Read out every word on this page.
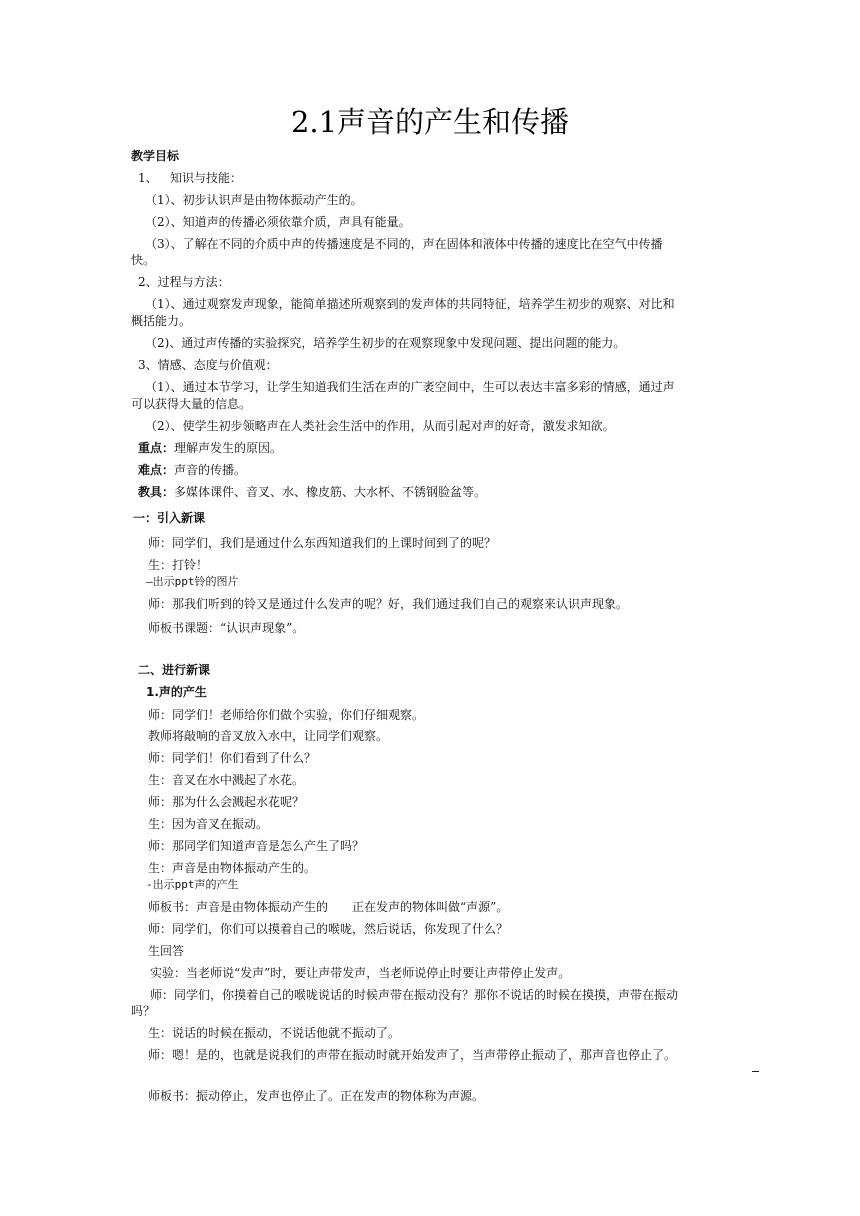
2.1声音的产生和传播
教学目标
1、 知识与技能：
（1）、初步认识声是由物体振动产生的。
（2）、知道声的传播必须依靠介质，声具有能量。
（3）、了解在不同的介质中声的传播速度是不同的，声在固体和液体中传播的速度比在空气中传播
快。
2、过程与方法：
（1）、通过观察发声现象，能简单描述所观察到的发声体的共同特征，培养学生初步的观察、对比和
概括能力。
（2)、通过声传播的实验探究，培养学生初步的在观察现象中发现问题、提出问题的能力。
3、情感、态度与价值观：
（1）、通过本节学习，让学生知道我们生活在声的广袤空间中，生可以表达丰富多彩的情感，通过声
可以获得大量的信息。
（2）、使学生初步领略声在人类社会生活中的作用，从而引起对声的好奇，激发求知欲。
重点：理解声发生的原因。
难点：声音的传播。
教具：多媒体课件、音叉、水、橡皮筋、大水杯、不锈钢脸盆等。
一：引入新课
师：同学们，我们是通过什么东西知道我们的上课时间到了的呢？
生：打铃！
—出示ppt铃的图片
师：那我们听到的铃又是通过什么发声的呢？好，我们通过我们自己的观察来认识声现象。
师板书课题：“认识声现象”。
二、进行新课
1.声的产生
师：同学们！老师给你们做个实验，你们仔细观察。
教师将敲响的音叉放入水中，让同学们观察。
师：同学们！你们看到了什么？
生：音叉在水中溅起了水花。
师：那为什么会溅起水花呢？
生：因为音叉在振动。
师：那同学们知道声音是怎么产生了吗？
生：声音是由物体振动产生的。
-出示ppt声的产生
师板书：声音是由物体振动产生的　　正在发声的物体叫做“声源”。
师：同学们，你们可以摸着自己的喉咙，然后说话，你发现了什么？
生回答
实验：当老师说“发声”时，要让声带发声，当老师说停止时要让声带停止发声。
师：同学们，你摸着自己的喉咙说话的时候声带在振动没有？那你不说话的时候在摸摸，声带在振动
吗？
生：说话的时候在振动，不说话他就不振动了。
师：嗯！是的，也就是说我们的声带在振动时就开始发声了，当声带停止振动了，那声音也停止了。
师板书：振动停止，发声也停止了。正在发声的物体称为声源。
